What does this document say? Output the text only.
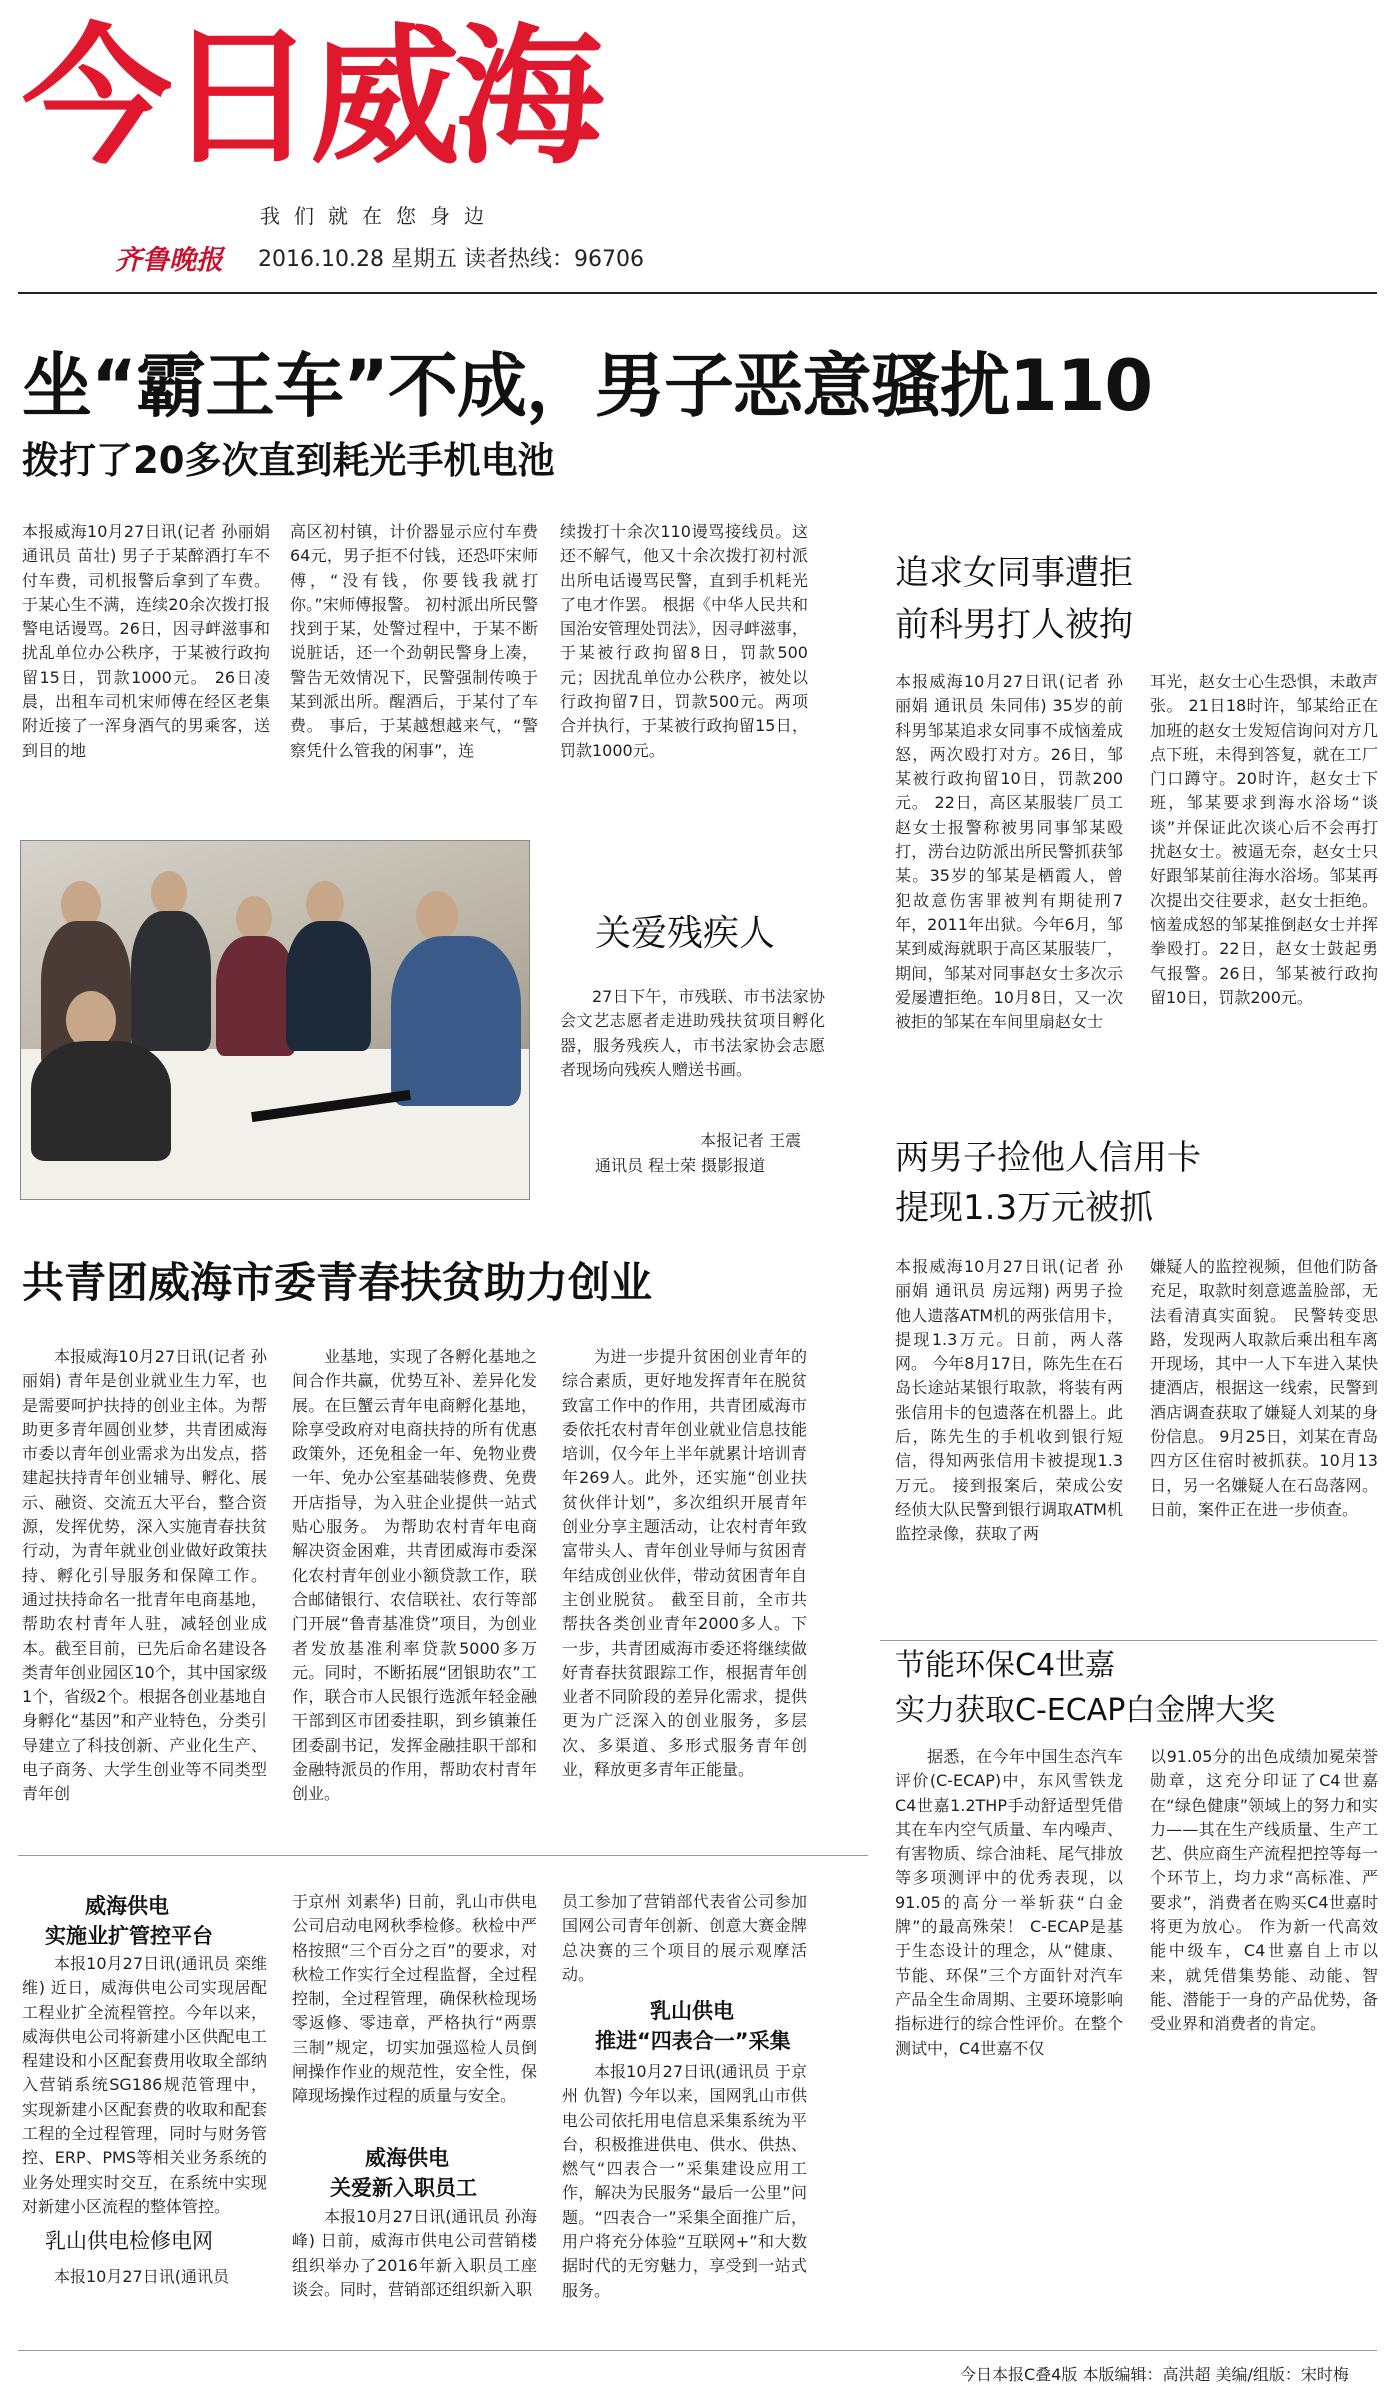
今日威海
我们就在您身边
齐鲁晚报 2016.10.28 星期五 读者热线：96706
坐“霸王车”不成，男子恶意骚扰110
拨打了20多次直到耗光手机电池

本报威海10月27日讯(记者 孙丽娟 通讯员 苗壮) 男子于某醉酒打车不付车费，司机报警后拿到了车费。于某心生不满，连续20余次拨打报警电话谩骂。26日，因寻衅滋事和扰乱单位办公秩序，于某被行政拘留15日，罚款1000元。 26日凌晨，出租车司机宋师傅在经区老集附近接了一浑身酒气的男乘客，送到目的地

高区初村镇，计价器显示应付车费64元，男子拒不付钱，还恐吓宋师傅，“没有钱，你要钱我就打你。”宋师傅报警。 初村派出所民警找到于某，处警过程中，于某不断说脏话，还一个劲朝民警身上凑，警告无效情况下，民警强制传唤于某到派出所。醒酒后，于某付了车费。 事后，于某越想越来气，“警察凭什么管我的闲事”，连

续拨打十余次110谩骂接线员。这还不解气，他又十余次拨打初村派出所电话谩骂民警，直到手机耗光了电才作罢。 根据《中华人民共和国治安管理处罚法》，因寻衅滋事，于某被行政拘留8日，罚款500元；因扰乱单位办公秩序，被处以行政拘留7日，罚款500元。两项合并执行，于某被行政拘留15日，罚款1000元。

关爱残疾人

27日下午，市残联、市书法家协会文艺志愿者走进助残扶贫项目孵化器，服务残疾人，市书法家协会志愿者现场向残疾人赠送书画。

本报记者 王震
通讯员 程士荣 摄影报道
追求女同事遭拒
前科男打人被拘

本报威海10月27日讯(记者 孙丽娟 通讯员 朱同伟) 35岁的前科男邹某追求女同事不成恼羞成怒，两次殴打对方。26日，邹某被行政拘留10日，罚款200元。 22日，高区某服装厂员工赵女士报警称被男同事邹某殴打，涝台边防派出所民警抓获邹某。35岁的邹某是栖霞人，曾犯故意伤害罪被判有期徒刑7年，2011年出狱。今年6月，邹某到威海就职于高区某服装厂，期间，邹某对同事赵女士多次示爱屡遭拒绝。10月8日，又一次被拒的邹某在车间里扇赵女士

耳光，赵女士心生恐惧，未敢声张。 21日18时许，邹某给正在加班的赵女士发短信询问对方几点下班，未得到答复，就在工厂门口蹲守。20时许，赵女士下班，邹某要求到海水浴场“谈谈”并保证此次谈心后不会再打扰赵女士。被逼无奈，赵女士只好跟邹某前往海水浴场。邹某再次提出交往要求，赵女士拒绝。恼羞成怒的邹某推倒赵女士并挥拳殴打。22日，赵女士鼓起勇气报警。26日，邹某被行政拘留10日，罚款200元。

两男子捡他人信用卡
提现1.3万元被抓

本报威海10月27日讯(记者 孙丽娟 通讯员 房远翔) 两男子捡他人遗落ATM机的两张信用卡，提现1.3万元。日前，两人落网。 今年8月17日，陈先生在石岛长途站某银行取款，将装有两张信用卡的包遗落在机器上。此后，陈先生的手机收到银行短信，得知两张信用卡被提现1.3万元。 接到报案后，荣成公安经侦大队民警到银行调取ATM机监控录像，获取了两

嫌疑人的监控视频，但他们防备充足，取款时刻意遮盖脸部，无法看清真实面貌。 民警转变思路，发现两人取款后乘出租车离开现场，其中一人下车进入某快捷酒店，根据这一线索，民警到酒店调查获取了嫌疑人刘某的身份信息。 9月25日，刘某在青岛四方区住宿时被抓获。10月13日，另一名嫌疑人在石岛落网。日前，案件正在进一步侦查。

节能环保C4世嘉
实力获取C-ECAP白金牌大奖

据悉，在今年中国生态汽车评价(C-ECAP)中，东风雪铁龙C4世嘉1.2THP手动舒适型凭借其在车内空气质量、车内噪声、有害物质、综合油耗、尾气排放等多项测评中的优秀表现，以91.05的高分一举斩获“白金牌”的最高殊荣！ C-ECAP是基于生态设计的理念，从“健康、节能、环保”三个方面针对汽车产品全生命周期、主要环境影响指标进行的综合性评价。在整个测试中，C4世嘉不仅

以91.05分的出色成绩加冕荣誉勋章，这充分印证了C4世嘉在“绿色健康”领域上的努力和实力——其在生产线质量、生产工艺、供应商生产流程把控等每一个环节上，均力求“高标准、严要求”，消费者在购买C4世嘉时将更为放心。 作为新一代高效能中级车，C4世嘉自上市以来，就凭借集势能、动能、智能、潜能于一身的产品优势，备受业界和消费者的肯定。

共青团威海市委青春扶贫助力创业

本报威海10月27日讯(记者 孙丽娟) 青年是创业就业生力军，也是需要呵护扶持的创业主体。为帮助更多青年圆创业梦，共青团威海市委以青年创业需求为出发点，搭建起扶持青年创业辅导、孵化、展示、融资、交流五大平台，整合资源，发挥优势，深入实施青春扶贫行动，为青年就业创业做好政策扶持、孵化引导服务和保障工作。 通过扶持命名一批青年电商基地，帮助农村青年人驻，减轻创业成本。截至目前，已先后命名建设各类青年创业园区10个，其中国家级1个，省级2个。根据各创业基地自身孵化“基因”和产业特色，分类引导建立了科技创新、产业化生产、电子商务、大学生创业等不同类型青年创

业基地，实现了各孵化基地之间合作共赢，优势互补、差异化发展。在巨蟹云青年电商孵化基地，除享受政府对电商扶持的所有优惠政策外，还免租金一年、免物业费一年、免办公室基础装修费、免费开店指导，为入驻企业提供一站式贴心服务。 为帮助农村青年电商解决资金困难，共青团威海市委深化农村青年创业小额贷款工作，联合邮储银行、农信联社、农行等部门开展“鲁青基准贷”项目，为创业者发放基准利率贷款5000多万元。同时，不断拓展“团银助农”工作，联合市人民银行选派年轻金融干部到区市团委挂职，到乡镇兼任团委副书记，发挥金融挂职干部和金融特派员的作用，帮助农村青年创业。

为进一步提升贫困创业青年的综合素质，更好地发挥青年在脱贫致富工作中的作用，共青团威海市委依托农村青年创业就业信息技能培训，仅今年上半年就累计培训青年269人。此外，还实施“创业扶贫伙伴计划”，多次组织开展青年创业分享主题活动，让农村青年致富带头人、青年创业导师与贫困青年结成创业伙伴，带动贫困青年自主创业脱贫。 截至目前，全市共帮扶各类创业青年2000多人。下一步，共青团威海市委还将继续做好青春扶贫跟踪工作，根据青年创业者不同阶段的差异化需求，提供更为广泛深入的创业服务，多层次、多渠道、多形式服务青年创业，释放更多青年正能量。

威海供电
实施业扩管控平台

本报10月27日讯(通讯员 栾维维) 近日，威海供电公司实现居配工程业扩全流程管控。今年以来，威海供电公司将新建小区供配电工程建设和小区配套费用收取全部纳入营销系统SG186规范管理中，实现新建小区配套费的收取和配套工程的全过程管理，同时与财务管控、ERP、PMS等相关业务系统的业务处理实时交互，在系统中实现对新建小区流程的整体管控。

乳山供电检修电网

本报10月27日讯(通讯员

于京州 刘素华) 日前，乳山市供电公司启动电网秋季检修。秋检中严格按照“三个百分之百”的要求，对秋检工作实行全过程监督，全过程控制，全过程管理，确保秋检现场零返修、零违章，严格执行“两票三制”规定，切实加强巡检人员倒闸操作作业的规范性，安全性，保障现场操作过程的质量与安全。

威海供电
关爱新入职员工

本报10月27日讯(通讯员 孙海峰) 日前，威海市供电公司营销楼组织举办了2016年新入职员工座谈会。同时，营销部还组织新入职

员工参加了营销部代表省公司参加国网公司青年创新、创意大赛金牌总决赛的三个项目的展示观摩活动。

乳山供电
推进“四表合一”采集

本报10月27日讯(通讯员 于京州 仇智) 今年以来，国网乳山市供电公司依托用电信息采集系统为平台，积极推进供电、供水、供热、燃气“四表合一”采集建设应用工作，解决为民服务“最后一公里”问题。“四表合一”采集全面推广后，用户将充分体验“互联网+”和大数据时代的无穷魅力，享受到一站式服务。

今日本报C叠4版 本版编辑：高洪超 美编/组版：宋时梅
